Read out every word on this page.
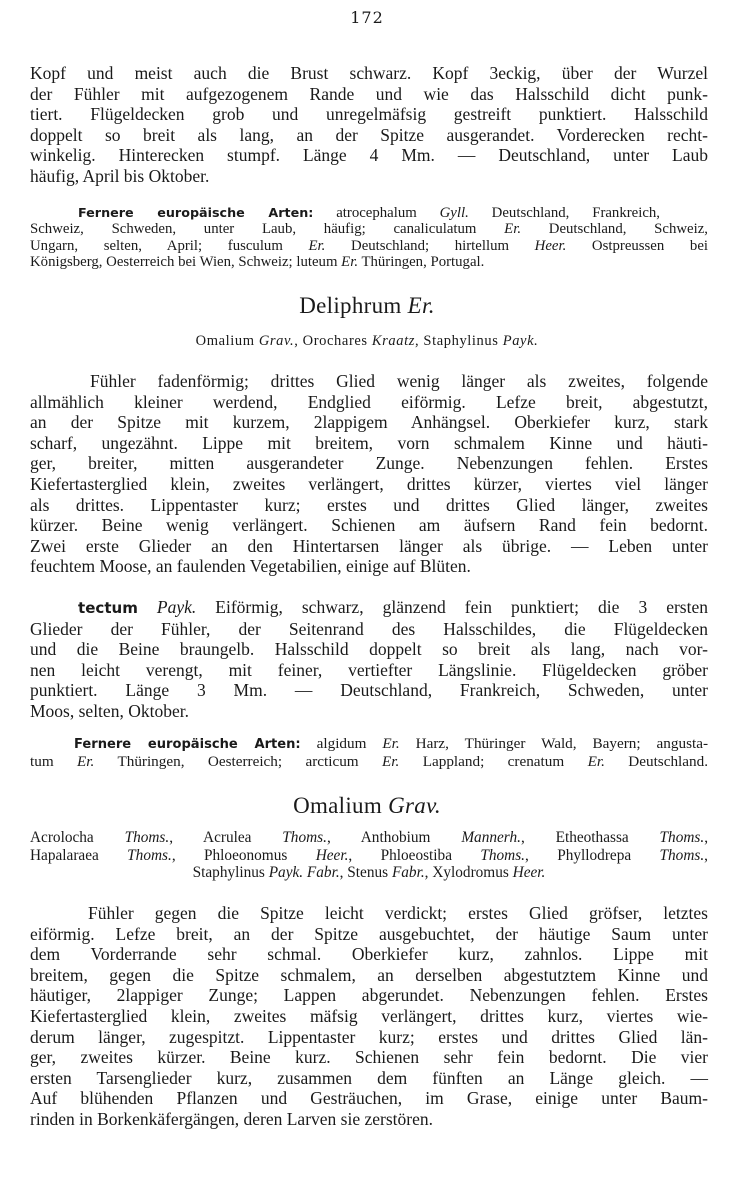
172
Kopf und meist auch die Brust schwarz. Kopf 3eckig, über der Wurzel
der Fühler mit aufgezogenem Rande und wie das Halsschild dicht punk-
tiert. Flügeldecken grob und unregelmäfsig gestreift punktiert. Halsschild
doppelt so breit als lang, an der Spitze ausgerandet. Vorderecken recht-
winkelig. Hinterecken stumpf. Länge 4 Mm. — Deutschland, unter Laub
häufig, April bis Oktober.
Fernere europäische Arten: atrocephalum Gyll. Deutschland, Frankreich,
Schweiz, Schweden, unter Laub, häufig; canaliculatum Er. Deutschland, Schweiz,
Ungarn, selten, April; fusculum Er. Deutschland; hirtellum Heer. Ostpreussen bei
Königsberg, Oesterreich bei Wien, Schweiz; luteum Er. Thüringen, Portugal.
Deliphrum Er.
Omalium Grav., Orochares Kraatz, Staphylinus Payk.
Fühler fadenförmig; drittes Glied wenig länger als zweites, folgende
allmählich kleiner werdend, Endglied eiförmig. Lefze breit, abgestutzt,
an der Spitze mit kurzem, 2lappigem Anhängsel. Oberkiefer kurz, stark
scharf, ungezähnt. Lippe mit breitem, vorn schmalem Kinne und häuti-
ger, breiter, mitten ausgerandeter Zunge. Nebenzungen fehlen. Erstes
Kiefertasterglied klein, zweites verlängert, drittes kürzer, viertes viel länger
als drittes. Lippentaster kurz; erstes und drittes Glied länger, zweites
kürzer. Beine wenig verlängert. Schienen am äufsern Rand fein bedornt.
Zwei erste Glieder an den Hintertarsen länger als übrige. — Leben unter
feuchtem Moose, an faulenden Vegetabilien, einige auf Blüten.
tectum Payk. Eiförmig, schwarz, glänzend fein punktiert; die 3 ersten
Glieder der Fühler, der Seitenrand des Halsschildes, die Flügeldecken
und die Beine braungelb. Halsschild doppelt so breit als lang, nach vor-
nen leicht verengt, mit feiner, vertiefter Längslinie. Flügeldecken gröber
punktiert. Länge 3 Mm. — Deutschland, Frankreich, Schweden, unter
Moos, selten, Oktober.
Fernere europäische Arten: algidum Er. Harz, Thüringer Wald, Bayern; angusta-
tum Er. Thüringen, Oesterreich; arcticum Er. Lappland; crenatum Er. Deutschland.
Omalium Grav.
Acrolocha Thoms., Acrulea Thoms., Anthobium Mannerh., Etheothassa Thoms.,
Hapalaraea Thoms., Phloeonomus Heer., Phloeostiba Thoms., Phyllodrepa Thoms.,
Staphylinus Payk. Fabr., Stenus Fabr., Xylodromus Heer.
Fühler gegen die Spitze leicht verdickt; erstes Glied gröfser, letztes
eiförmig. Lefze breit, an der Spitze ausgebuchtet, der häutige Saum unter
dem Vorderrande sehr schmal. Oberkiefer kurz, zahnlos. Lippe mit
breitem, gegen die Spitze schmalem, an derselben abgestutztem Kinne und
häutiger, 2lappiger Zunge; Lappen abgerundet. Nebenzungen fehlen. Erstes
Kiefertasterglied klein, zweites mäfsig verlängert, drittes kurz, viertes wie-
derum länger, zugespitzt. Lippentaster kurz; erstes und drittes Glied län-
ger, zweites kürzer. Beine kurz. Schienen sehr fein bedornt. Die vier
ersten Tarsenglieder kurz, zusammen dem fünften an Länge gleich. —
Auf blühenden Pflanzen und Gesträuchen, im Grase, einige unter Baum-
rinden in Borkenkäfergängen, deren Larven sie zerstören.
